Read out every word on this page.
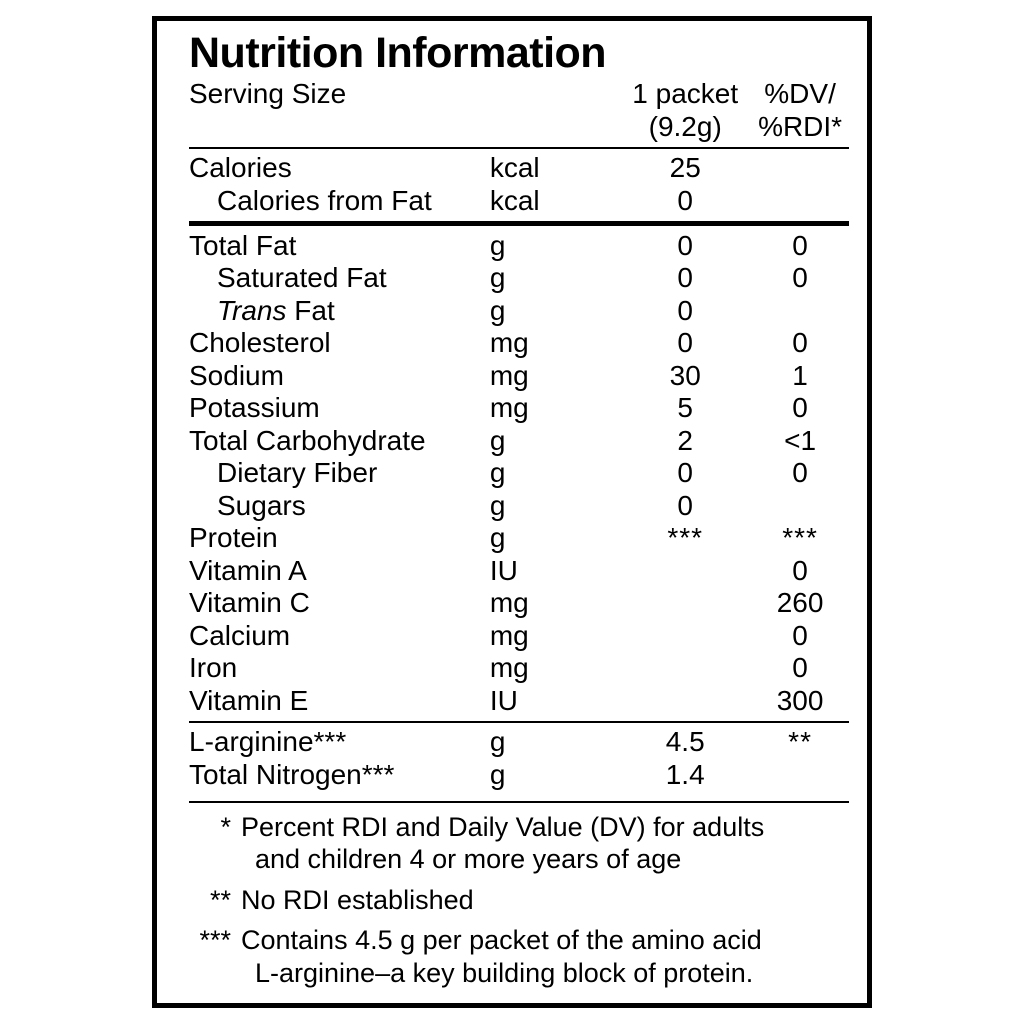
Nutrition Information
Serving Size		1 packet	%DV/
		(9.2g)	%RDI*
Calories	kcal	25	
Calories from Fat	kcal	0	
Total Fat	g	0	0
Saturated Fat	g	0	0
Trans Fat	g	0	
Cholesterol	mg	0	0
Sodium	mg	30	1
Potassium	mg	5	0
Total Carbohydrate	g	2	<1
Dietary Fiber	g	0	0
Sugars	g	0	
Protein	g	***	***
Vitamin A	IU		0
Vitamin C	mg		260
Calcium	mg		0
Iron	mg		0
Vitamin E	IU		300
L-arginine***	g	4.5	**
Total Nitrogen***	g	1.4	
* Percent RDI and Daily Value (DV) for adults
and children 4 or more years of age
** No RDI established
*** Contains 4.5 g per packet of the amino acid
L-arginine–a key building block of protein.
